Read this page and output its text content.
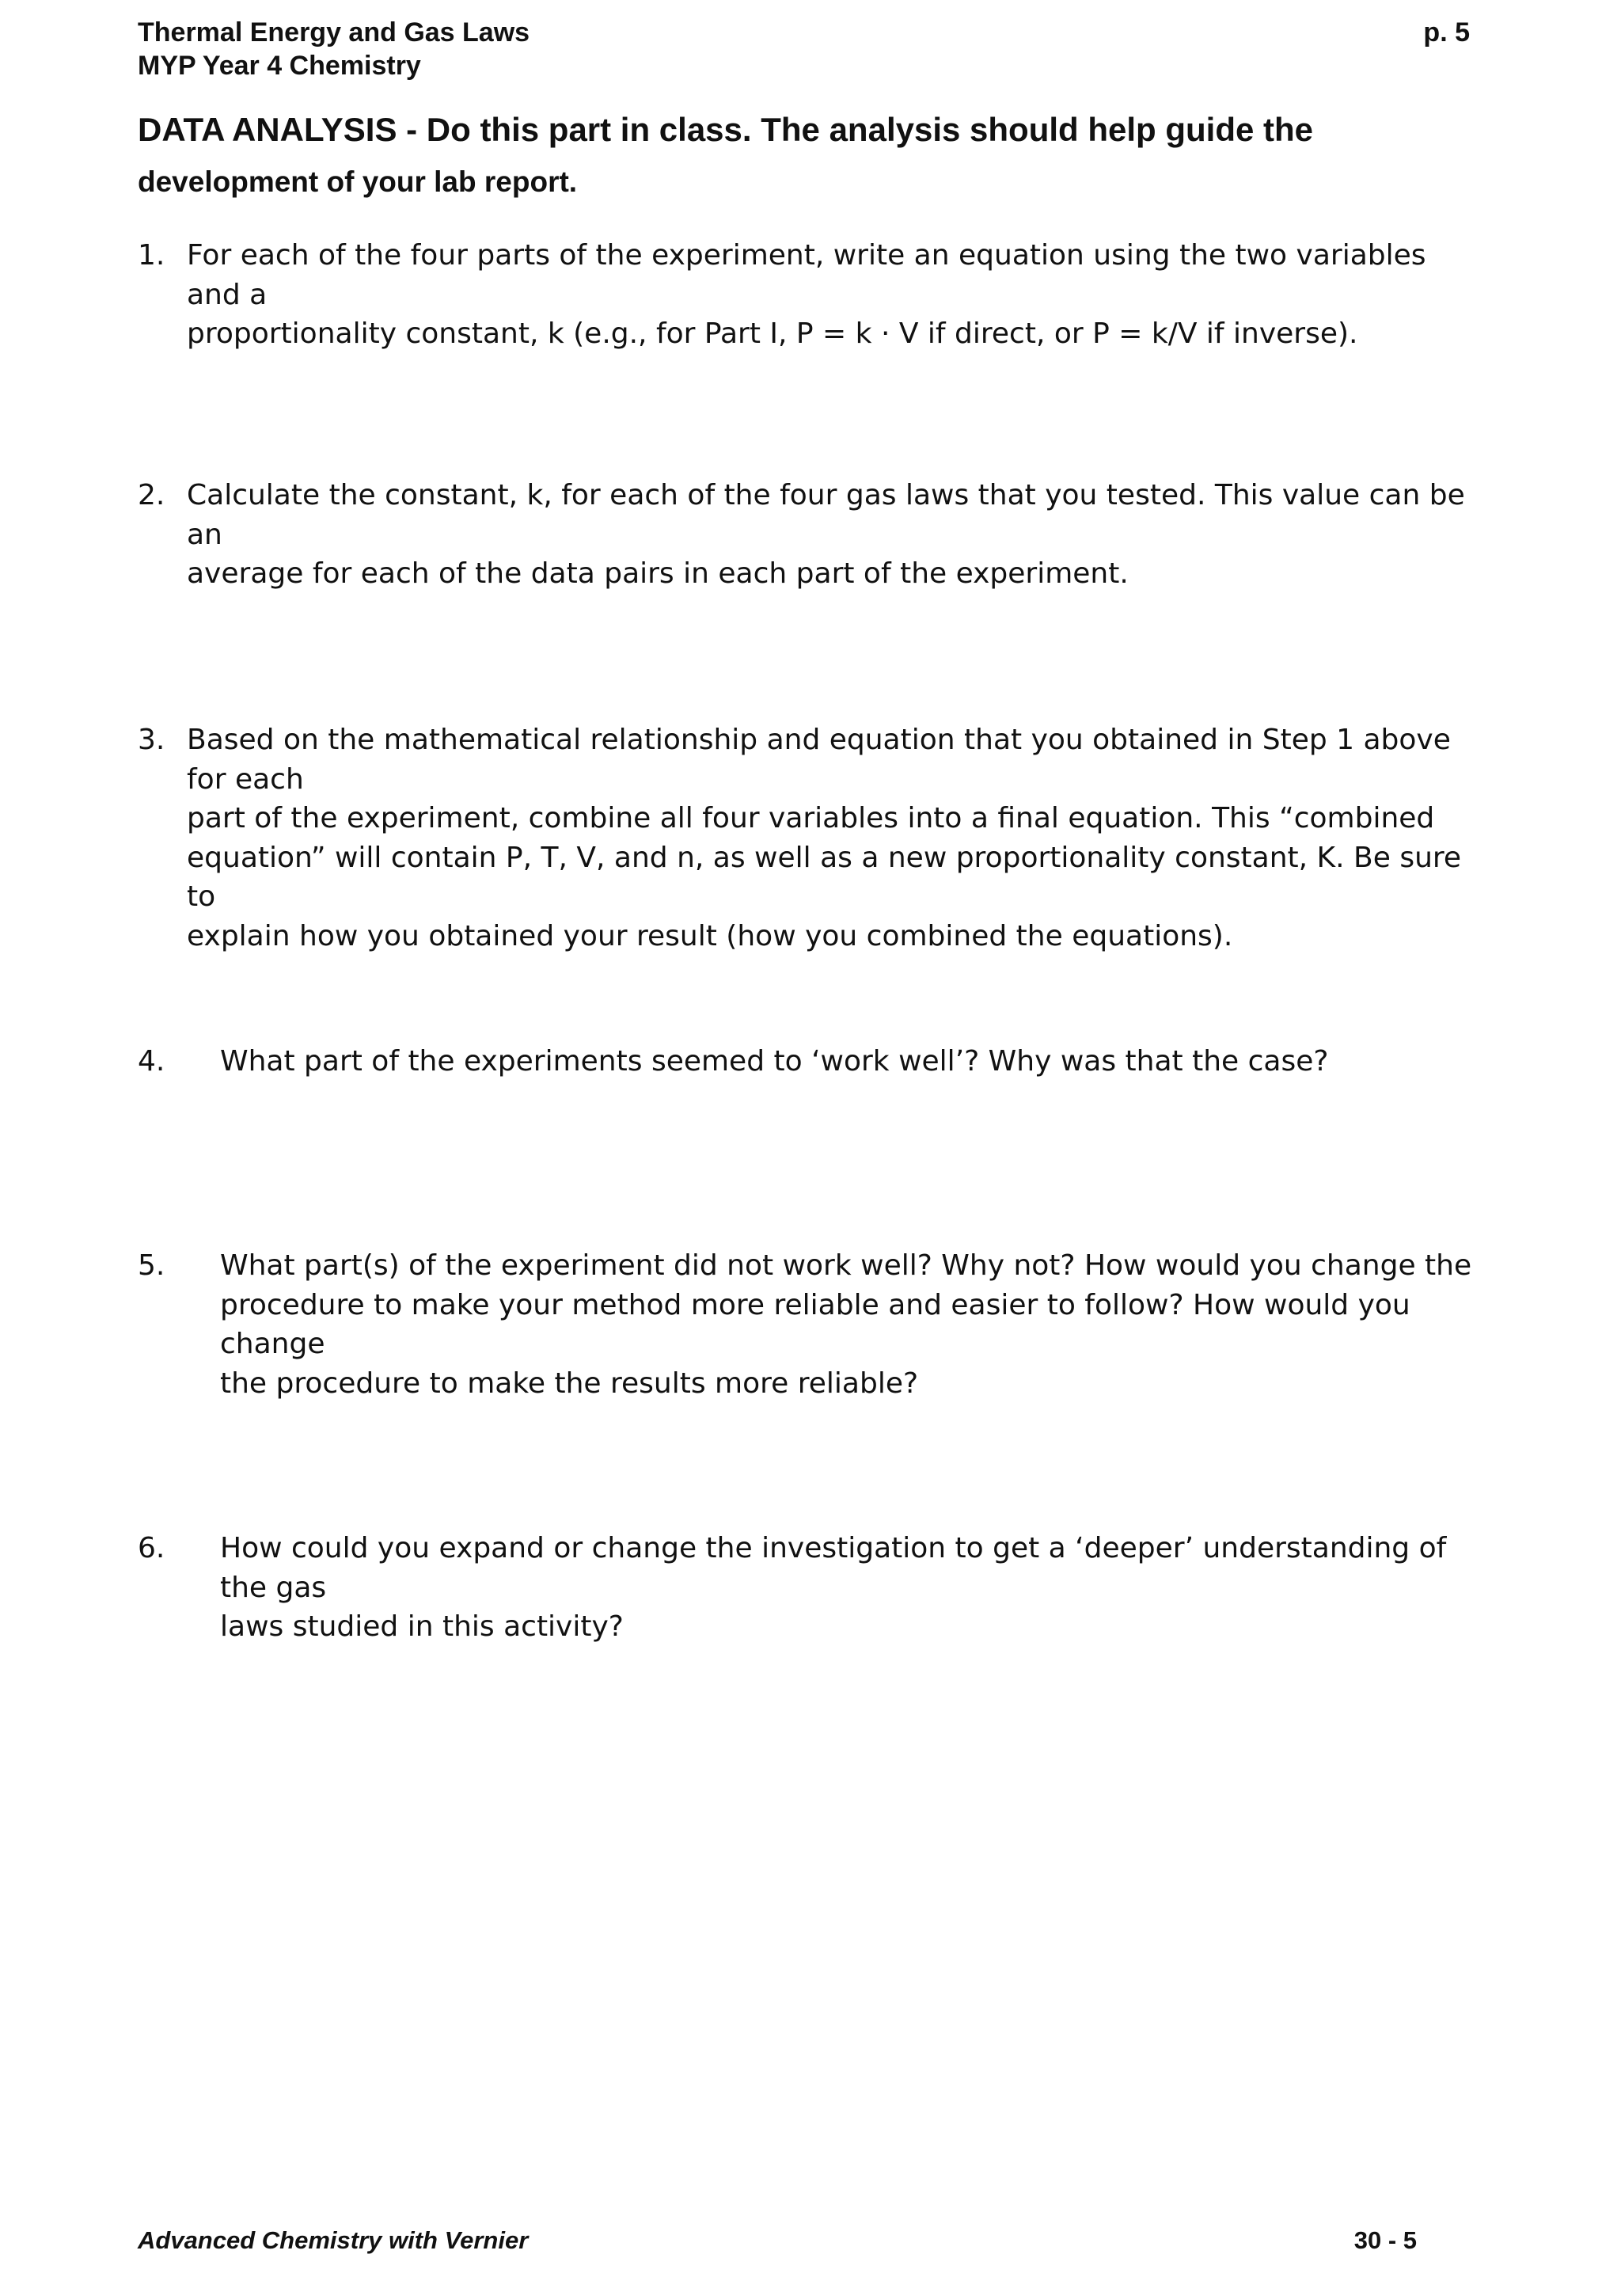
Thermal Energy and Gas Laws
MYP Year 4 Chemistry
p. 5
DATA ANALYSIS - Do this part in class. The analysis should help guide the
development of your lab report.
1. For each of the four parts of the experiment, write an equation using the two variables and a
proportionality constant, k (e.g., for Part I, P = k · V if direct, or P = k/V if inverse).
2. Calculate the constant, k, for each of the four gas laws that you tested. This value can be an
average for each of the data pairs in each part of the experiment.
3. Based on the mathematical relationship and equation that you obtained in Step 1 above for each
part of the experiment, combine all four variables into a final equation. This “combined
equation” will contain P, T, V, and n, as well as a new proportionality constant, K. Be sure to
explain how you obtained your result (how you combined the equations).
4. What part of the experiments seemed to ‘work well’? Why was that the case?
5. What part(s) of the experiment did not work well? Why not? How would you change the
procedure to make your method more reliable and easier to follow? How would you change
the procedure to make the results more reliable?
6. How could you expand or change the investigation to get a ‘deeper’ understanding of the gas
laws studied in this activity?
Advanced Chemistry with Vernier	30 - 5
